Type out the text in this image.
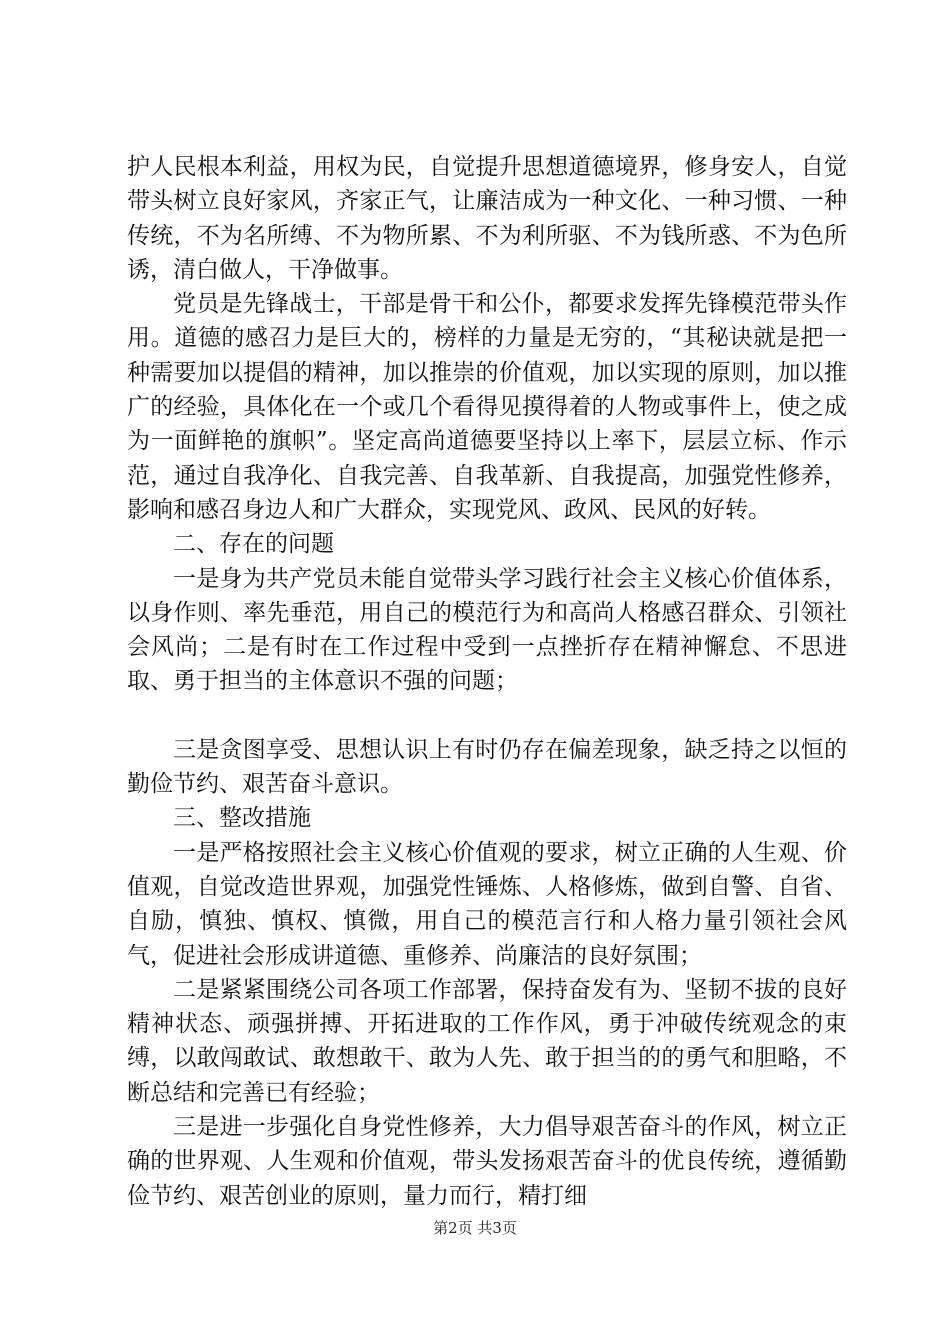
护人民根本利益，用权为民，自觉提升思想道德境界，修身安人，自觉带头树立良好家风，齐家正气，让廉洁成为一种文化、一种习惯、一种传统，不为名所缚、不为物所累、不为利所驱、不为钱所惑、不为色所诱，清白做人，干净做事。

党员是先锋战士，干部是骨干和公仆，都要求发挥先锋模范带头作用。道德的感召力是巨大的，榜样的力量是无穷的，“其秘诀就是把一种需要加以提倡的精神，加以推崇的价值观，加以实现的原则，加以推广的经验，具体化在一个或几个看得见摸得着的人物或事件上，使之成为一面鲜艳的旗帜”。坚定高尚道德要坚持以上率下，层层立标、作示范，通过自我净化、自我完善、自我革新、自我提高，加强党性修养，影响和感召身边人和广大群众，实现党风、政风、民风的好转。

二、存在的问题

一是身为共产党员未能自觉带头学习践行社会主义核心价值体系，以身作则、率先垂范，用自己的模范行为和高尚人格感召群众、引领社会风尚；二是有时在工作过程中受到一点挫折存在精神懈怠、不思进取、勇于担当的主体意识不强的问题；

三是贪图享受、思想认识上有时仍存在偏差现象，缺乏持之以恒的勤俭节约、艰苦奋斗意识。

三、整改措施

一是严格按照社会主义核心价值观的要求，树立正确的人生观、价值观，自觉改造世界观，加强党性锤炼、人格修炼，做到自警、自省、自励，慎独、慎权、慎微，用自己的模范言行和人格力量引领社会风气，促进社会形成讲道德、重修养、尚廉洁的良好氛围；

二是紧紧围绕公司各项工作部署，保持奋发有为、坚韧不拔的良好精神状态、顽强拼搏、开拓进取的工作作风，勇于冲破传统观念的束缚，以敢闯敢试、敢想敢干、敢为人先、敢于担当的的勇气和胆略，不断总结和完善已有经验；

三是进一步强化自身党性修养，大力倡导艰苦奋斗的作风，树立正确的世界观、人生观和价值观，带头发扬艰苦奋斗的优良传统，遵循勤俭节约、艰苦创业的原则，量力而行，精打细

第2页 共3页
